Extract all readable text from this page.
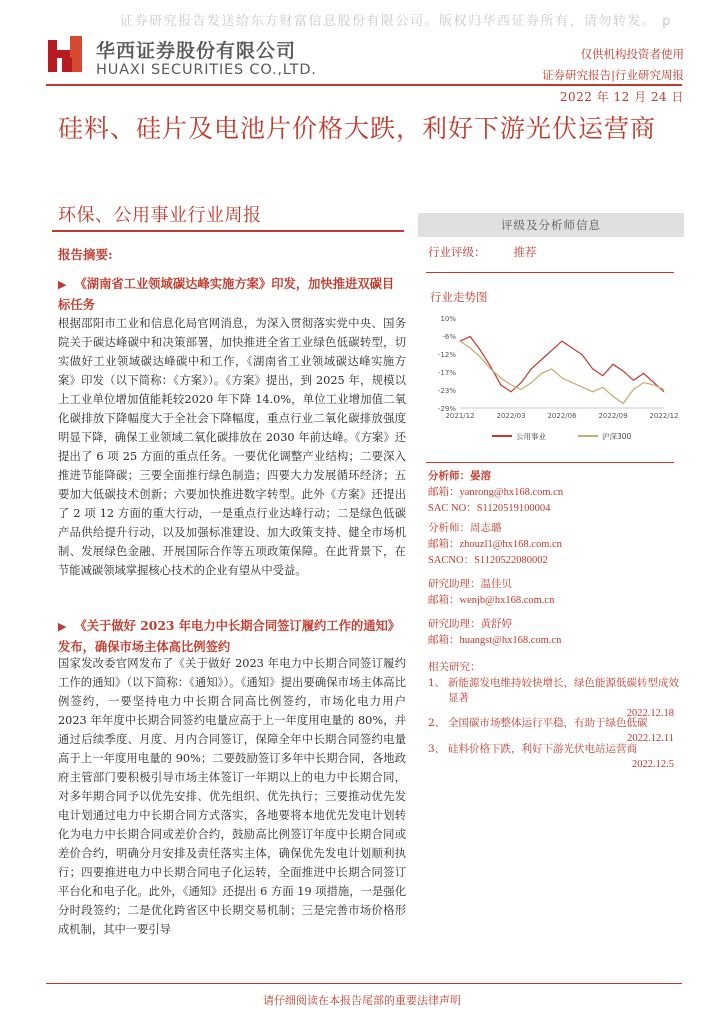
证券研究报告发送给东方财富信息股份有限公司。版权归华西证券所有，请勿转发。 p
华西证券股份有限公司
HUAXI SECURITIES CO.,LTD.
仅供机构投资者使用
证券研究报告|行业研究周报
2022 年 12 月 24 日
硅料、硅片及电池片价格大跌，利好下游光伏运营商
环保、公用事业行业周报
报告摘要:
▶ 《湖南省工业领域碳达峰实施方案》印发，加快推进双碳目标任务
根据邵阳市工业和信息化局官网消息，为深入贯彻落实党中央、国务院关于碳达峰碳中和决策部署，加快推进全省工业绿色低碳转型，切实做好工业领域碳达峰碳中和工作，《湖南省工业领域碳达峰实施方案》印发（以下简称：《方案》）。《方案》提出，到 2025 年，规模以上工业单位增加值能耗较2020 年下降 14.0%，单位工业增加值二氧化碳排放下降幅度大于全社会下降幅度，重点行业二氧化碳排放强度明显下降，确保工业领域二氧化碳排放在 2030 年前达峰。《方案》还提出了 6 项 25 方面的重点任务。一要优化调整产业结构；二要深入推进节能降碳；三要全面推行绿色制造；四要大力发展循环经济；五要加大低碳技术创新；六要加快推进数字转型。此外《方案》还提出了 2 项 12 方面的重大行动，一是重点行业达峰行动；二是绿色低碳产品供给提升行动，以及加强标准建设、加大政策支持、健全市场机制、发展绿色金融、开展国际合作等五项政策保障。在此背景下，在节能减碳领域掌握核心技术的企业有望从中受益。
▶ 《关于做好 2023 年电力中长期合同签订履约工作的通知》发布，确保市场主体高比例签约
国家发改委官网发布了《关于做好 2023 年电力中长期合同签订履约工作的通知》（以下简称：《通知》）。《通知》提出要确保市场主体高比例签约，一要坚持电力中长期合同高比例签约，市场化电力用户 2023 年年度中长期合同签约电量应高于上一年度用电量的 80%，并通过后续季度、月度、月内合同签订，保障全年中长期合同签约电量高于上一年度用电量的 90%；二要鼓励签订多年中长期合同，各地政府主管部门要积极引导市场主体签订一年期以上的电力中长期合同，对多年期合同予以优先安排、优先组织、优先执行；三要推动优先发电计划通过电力中长期合同方式落实，各地要将本地优先发电计划转化为电力中长期合同或差价合约，鼓励高比例签订年度中长期合同或差价合约，明确分月安排及责任落实主体，确保优先发电计划顺利执行；四要推进电力中长期合同电子化运转，全面推进中长期合同签订平台化和电子化。此外，《通知》还提出 6 方面 19 项措施，一是强化分时段签约；二是优化跨省区中长期交易机制；三是完善市场价格形成机制，其中一要引导
评级及分析师信息
行业评级： 推荐
行业走势图
10%
-6%
-12%
-17%
-23%
-29%
2021/12	2022/03	2022/06	2022/09	2022/12
公用事业	沪深300
分析师：晏溶
邮箱：yanrong@hx168.com.cn
SAC NO：S1120519100004
分析师：周志璐
邮箱：zhouzl1@hx168.com.cn
SACNO：S1120522080002
研究助理：温佳贝
邮箱：wenjb@hx168.com.cn
研究助理：黄舒婷
邮箱：huangst@hx168.com.cn
相关研究：
1、 新能源发电维持较快增长，绿色能源低碳转型成效显著
2022.12.18
2、 全国碳市场整体运行平稳，有助于绿色低碳
2022.12.11
3、 硅料价格下跌，利好下游光伏电站运营商
2022.12.5
请仔细阅读在本报告尾部的重要法律声明
